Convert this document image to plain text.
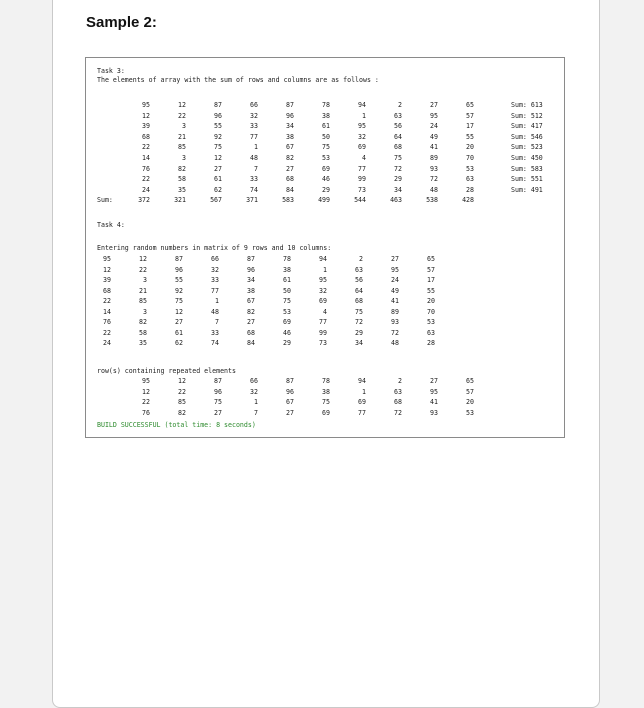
Sample 2:
Task 3:
The elements of array with the sum of rows and columns are as follows :
95	12	87	66	87	78	94	2	27	65	Sum: 613
12	22	96	32	96	38	1	63	95	57	Sum: 512
39	3	55	33	34	61	95	56	24	17	Sum: 417
68	21	92	77	38	50	32	64	49	55	Sum: 546
22	85	75	1	67	75	69	68	41	20	Sum: 523
14	3	12	48	82	53	4	75	89	70	Sum: 450
76	82	27	7	27	69	77	72	93	53	Sum: 583
22	58	61	33	68	46	99	29	72	63	Sum: 551
24	35	62	74	84	29	73	34	48	28	Sum: 491
Sum:	372	321	567	371	583	499	544	463	538	428
Task 4:
Entering random numbers in matrix of 9 rows and 10 columns:
95	12	87	66	87	78	94	2	27	65
12	22	96	32	96	38	1	63	95	57
39	3	55	33	34	61	95	56	24	17
68	21	92	77	38	50	32	64	49	55
22	85	75	1	67	75	69	68	41	20
14	3	12	48	82	53	4	75	89	70
76	82	27	7	27	69	77	72	93	53
22	58	61	33	68	46	99	29	72	63
24	35	62	74	84	29	73	34	48	28
row(s) containing repeated elements
95	12	87	66	87	78	94	2	27	65
12	22	96	32	96	38	1	63	95	57
22	85	75	1	67	75	69	68	41	20
76	82	27	7	27	69	77	72	93	53
BUILD SUCCESSFUL (total time: 8 seconds)
